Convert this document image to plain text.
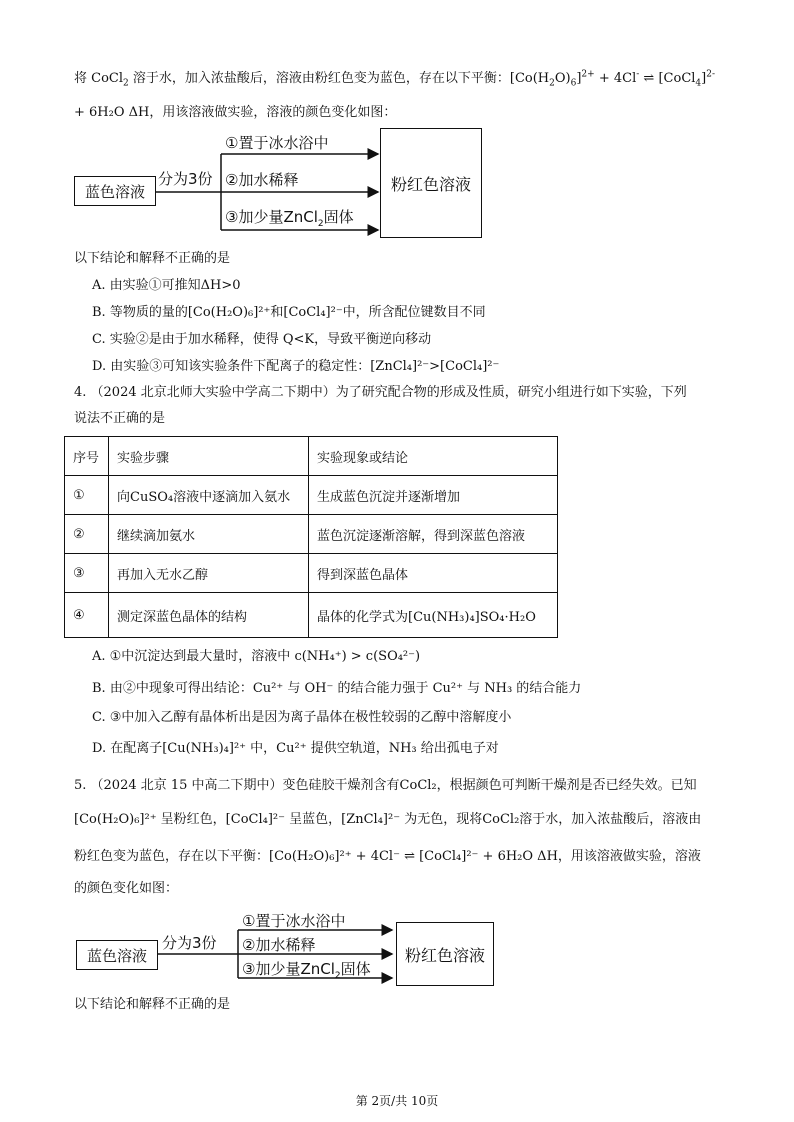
将 CoCl$_2$ 溶于水，加入浓盐酸后，溶液由粉红色变为蓝色，存在以下平衡：$[Co(H_2O)_6]^{2+} + 4Cl^-$ ⇌ [CoCl$_4$]$^{2-}$
+ 6H₂O ΔH，用该溶液做实验，溶液的颜色变化如图：
蓝色溶液
分为3份
①置于冰水浴中
②加水稀释
③加少量ZnCl$_2$固体
粉红色溶液
以下结论和解释不正确的是
A. 由实验①可推知ΔH>0
B. 等物质的量的[Co(H₂O)₆]²⁺和[CoCl₄]²⁻中，所含配位键数目不同
C. 实验②是由于加水稀释，使得 Q<K，导致平衡逆向移动
D. 由实验③可知该实验条件下配离子的稳定性：[ZnCl₄]²⁻>[CoCl₄]²⁻
4. （2024 北京北师大实验中学高二下期中）为了研究配合物的形成及性质，研究小组进行如下实验，下列
说法不正确的是
序号	实验步骤	实验现象或结论
①	向CuSO₄溶液中逐滴加入氨水	生成蓝色沉淀并逐渐增加
②	继续滴加氨水	蓝色沉淀逐渐溶解，得到深蓝色溶液
③	再加入无水乙醇	得到深蓝色晶体
④	测定深蓝色晶体的结构	晶体的化学式为[Cu(NH₃)₄]SO₄·H₂O
A. ①中沉淀达到最大量时，溶液中 c(NH₄⁺) > c(SO₄²⁻)
B. 由②中现象可得出结论：Cu²⁺ 与 OH⁻ 的结合能力强于 Cu²⁺ 与 NH₃ 的结合能力
C. ③中加入乙醇有晶体析出是因为离子晶体在极性较弱的乙醇中溶解度小
D. 在配离子[Cu(NH₃)₄]²⁺ 中，Cu²⁺ 提供空轨道，NH₃ 给出孤电子对
5. （2024 北京 15 中高二下期中）变色硅胶干燥剂含有CoCl₂，根据颜色可判断干燥剂是否已经失效。已知
[Co(H₂O)₆]²⁺ 呈粉红色，[CoCl₄]²⁻ 呈蓝色，[ZnCl₄]²⁻ 为无色，现将CoCl₂溶于水，加入浓盐酸后，溶液由
粉红色变为蓝色，存在以下平衡：[Co(H₂O)₆]²⁺ + 4Cl⁻ ⇌ [CoCl₄]²⁻ + 6H₂O ΔH，用该溶液做实验，溶液
的颜色变化如图：
蓝色溶液
分为3份
①置于冰水浴中
②加水稀释
③加少量ZnCl$_2$固体
粉红色溶液
以下结论和解释不正确的是
第 2页/共 10页
